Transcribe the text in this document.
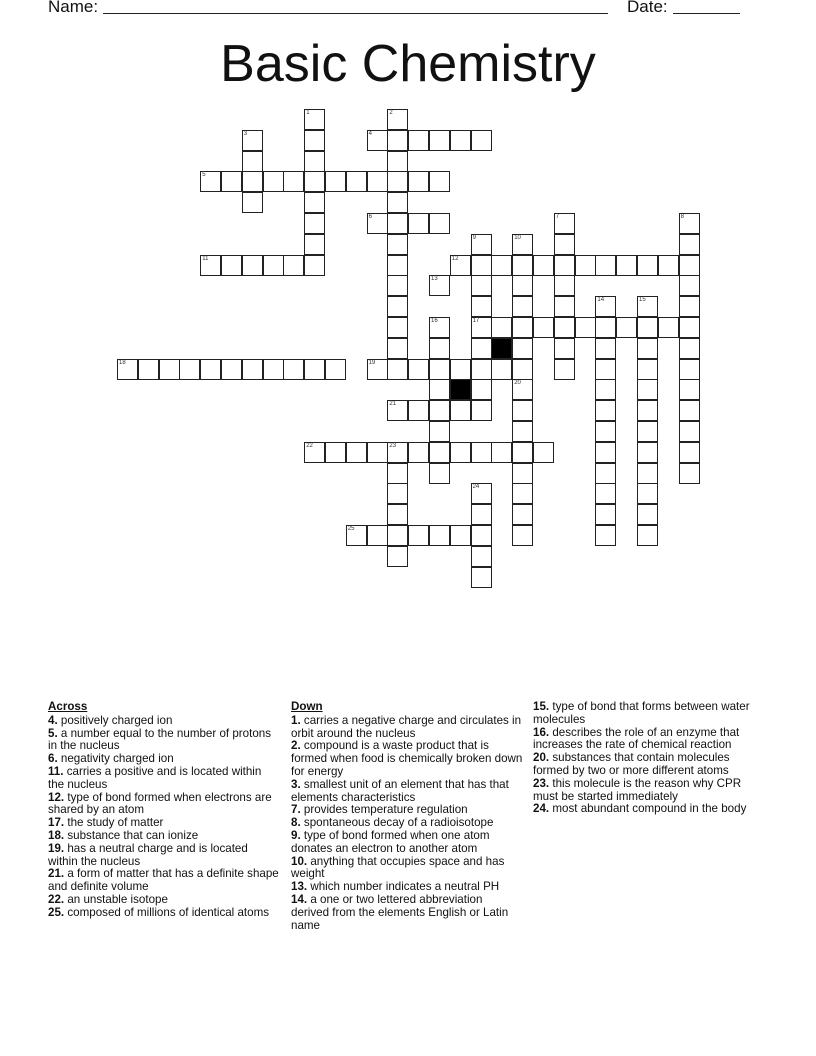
Name:	Date:
Basic Chemistry
1	2
3	4
5
6	7	8
9	10
11	12
13
14	15
16	17
18	19
20
21
22	23
24
25
Across
4. positively charged ion
5. a number equal to the number of protons in the nucleus
6. negativity charged ion
11. carries a positive and is located within the nucleus
12. type of bond formed when electrons are shared by an atom
17. the study of matter
18. substance that can ionize
19. has a neutral charge and is located within the nucleus
21. a form of matter that has a definite shape and definite volume
22. an unstable isotope
25. composed of millions of identical atoms
Down
1. carries a negative charge and circulates in orbit around the nucleus
2. compound is a waste product that is formed when food is chemically broken down for energy
3. smallest unit of an element that has that elements characteristics
7. provides temperature regulation
8. spontaneous decay of a radioisotope
9. type of bond formed when one atom donates an electron to another atom
10. anything that occupies space and has weight
13. which number indicates a neutral PH
14. a one or two lettered abbreviation derived from the elements English or Latin name
15. type of bond that forms between water molecules
16. describes the role of an enzyme that increases the rate of chemical reaction
20. substances that contain molecules formed by two or more different atoms
23. this molecule is the reason why CPR must be started immediately
24. most abundant compound in the body
